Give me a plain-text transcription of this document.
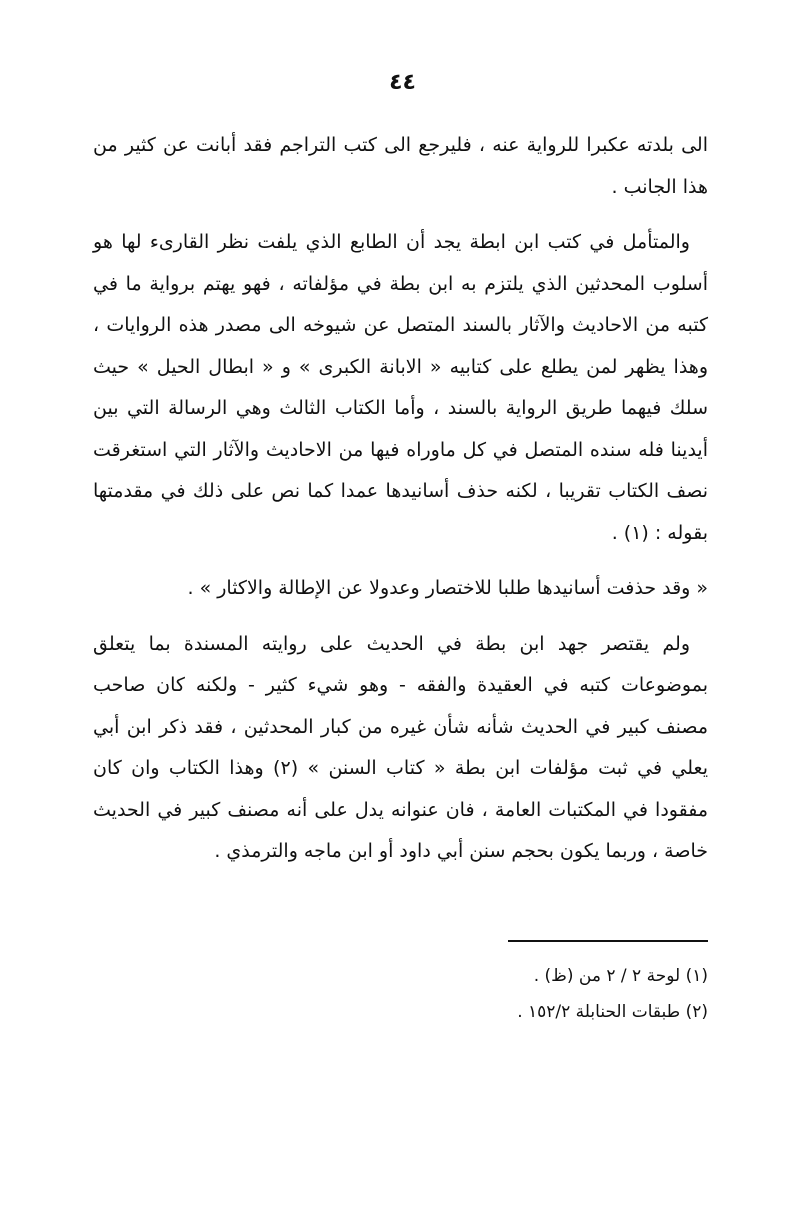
٤٤

الى بلدته عكبرا للرواية عنه ، فليرجع الى كتب التراجم فقد أبانت عن كثير من هذا الجانب .

والمتأمل في كتب ابن ابطة يجد أن الطابع الذي يلفت نظر القارىء لها هو أسلوب المحدثين الذي يلتزم به ابن بطة في مؤلفاته ، فهو يهتم برواية ما في كتبه من الاحاديث والآثار بالسند المتصل عن شيوخه الى مصدر هذه الروايات ، وهذا يظهر لمن يطلع على كتابيه « الابانة الكبرى » و « ابطال الحيل » حيث سلك فيهما طريق الرواية بالسند ، وأما الكتاب الثالث وهي الرسالة التي بين أيدينا فله سنده المتصل في كل ماوراه فيها من الاحاديث والآثار التي استغرقت نصف الكتاب تقريبا ، لكنه حذف أسانيدها عمدا كما نص على ذلك في مقدمتها بقوله : (١) .

« وقد حذفت أسانيدها طلبا للاختصار وعدولا عن الإطالة والاكثار » .

ولم يقتصر جهد ابن بطة في الحديث على روايته المسندة بما يتعلق بموضوعات كتبه في العقيدة والفقه - وهو شيء كثير - ولكنه كان صاحب مصنف كبير في الحديث شأنه شأن غيره من كبار المحدثين ، فقد ذكر ابن أبي يعلي في ثبت مؤلفات ابن بطة « كتاب السنن » (٢) وهذا الكتاب وان كان مفقودا في المكتبات العامة ، فان عنوانه يدل على أنه مصنف كبير في الحديث خاصة ، وربما يكون بحجم سنن أبي داود أو ابن ماجه والترمذي .

(١) لوحة ٢ / ٢ من (ظ) .

(٢) طبقات الحنابلة ١٥٢/٢ .
